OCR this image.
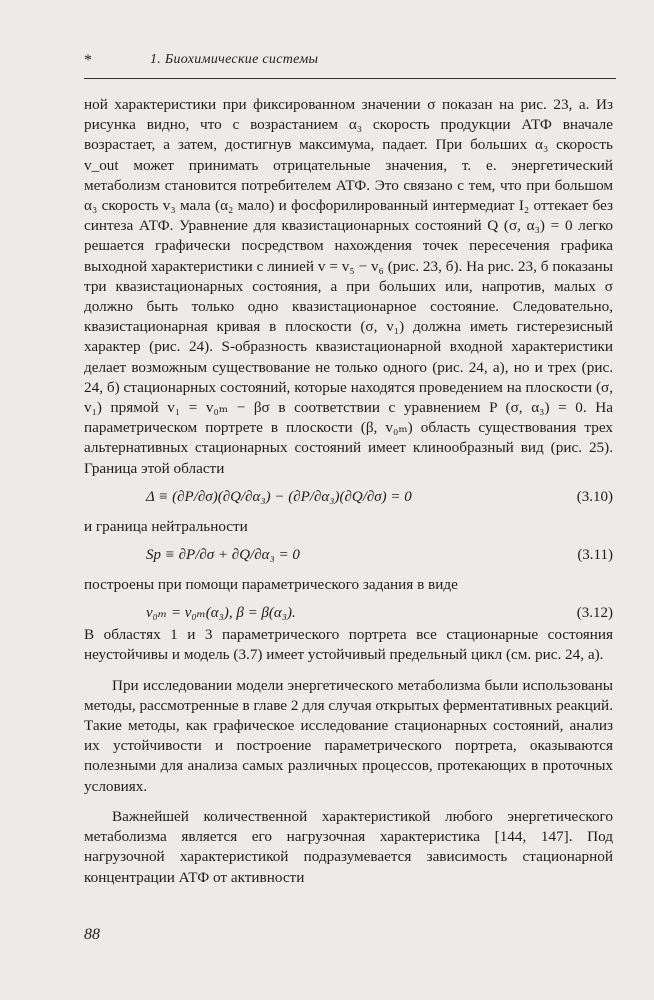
*	1. Биохимические системы

ной характеристики при фиксированном значении σ показан на рис. 23, а. Из рисунка видно, что с возрастанием α₃ скорость продукции АТФ вначале возрастает, а затем, достигнув максимума, падает. При больших α₃ скорость v_out может принимать отрицательные значения, т. е. энергетический метаболизм становится потребителем АТФ. Это связано с тем, что при большом α₃ скорость v₃ мала (α₂ мало) и фосфорилированный интермедиат I₂ оттекает без синтеза АТФ. Уравнение для квазистационарных состояний Q (σ, α₃) = 0 легко решается графически посредством нахождения точек пересечения графика выходной характеристики с линией v = v₅ − v₆ (рис. 23, б). На рис. 23, б показаны три квазистационарных состояния, а при больших или, напротив, малых σ должно быть только одно квазистационарное состояние. Следовательно, квазистационарная кривая в плоскости (σ, v₁) должна иметь гистерезисный характер (рис. 24). S-образность квазистационарной входной характеристики делает возможным существование не только одного (рис. 24, а), но и трех (рис. 24, б) стационарных состояний, которые находятся проведением на плоскости (σ, v₁) прямой v₁ = v₀ₘ − βσ в соответствии с уравнением P (σ, α₃) = 0. На параметрическом портрете в плоскости (β, v₀ₘ) область существования трех альтернативных стационарных состояний имеет клинообразный вид (рис. 25). Граница этой области

Δ ≡ (∂P/∂σ)(∂Q/∂α₃) − (∂P/∂α₃)(∂Q/∂σ) = 0	(3.10)

и граница нейтральности

Sp ≡ ∂P/∂σ + ∂Q/∂α₃ = 0	(3.11)

построены при помощи параметрического задания в виде

v₀ₘ = v₀ₘ(α₃), β = β(α₃).	(3.12)

В областях 1 и 3 параметрического портрета все стационарные состояния неустойчивы и модель (3.7) имеет устойчивый предельный цикл (см. рис. 24, а).

При исследовании модели энергетического метаболизма были использованы методы, рассмотренные в главе 2 для случая открытых ферментативных реакций. Такие методы, как графическое исследование стационарных состояний, анализ их устойчивости и построение параметрического портрета, оказываются полезными для анализа самых различных процессов, протекающих в проточных условиях.

Важнейшей количественной характеристикой любого энергетического метаболизма является его нагрузочная характеристика [144, 147]. Под нагрузочной характеристикой подразумевается зависимость стационарной концентрации АТФ от активности

88
